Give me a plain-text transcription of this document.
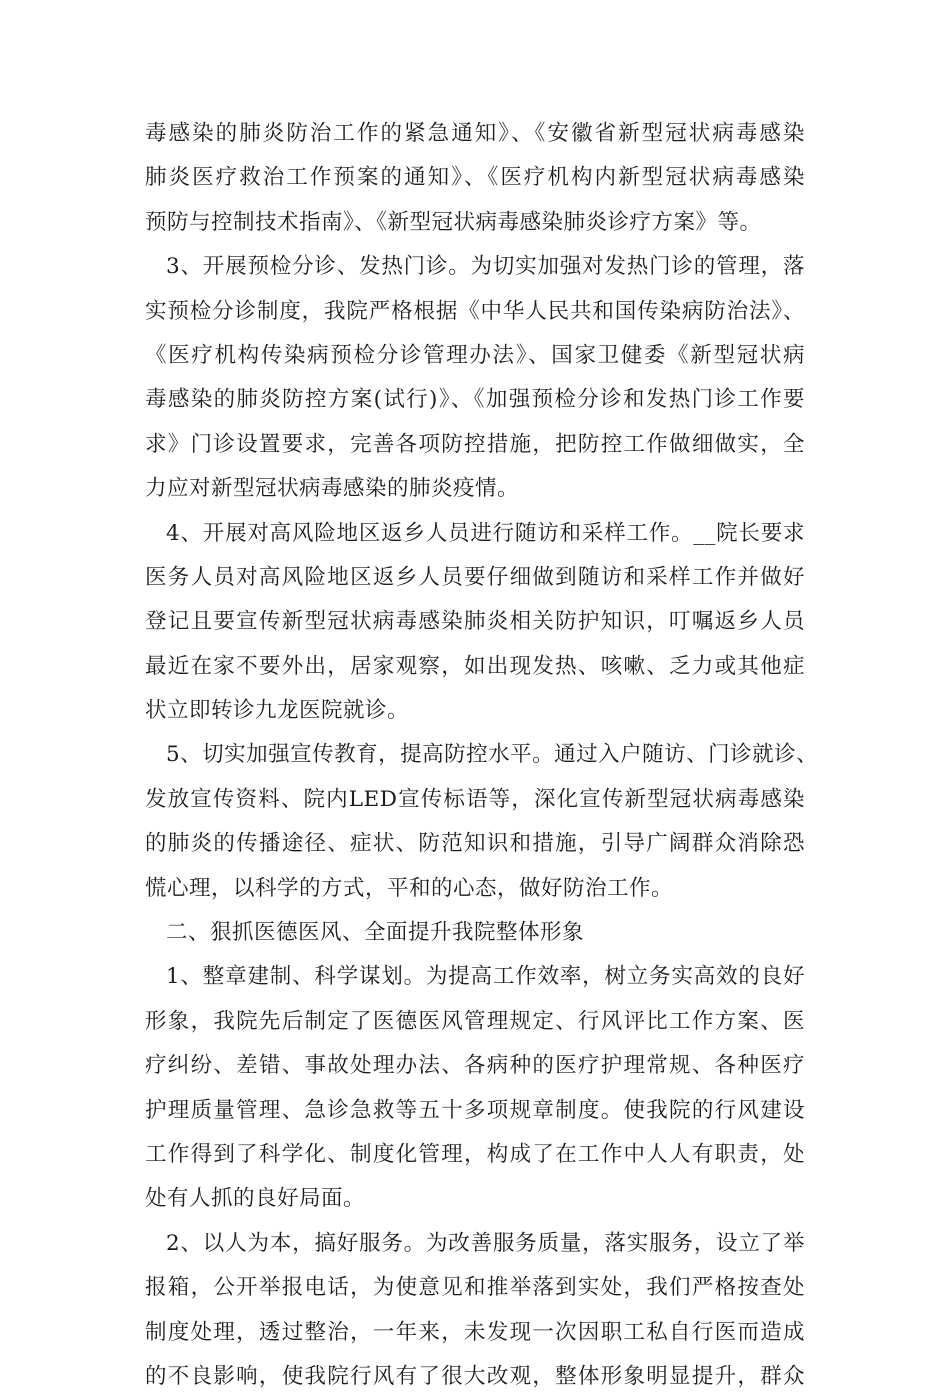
毒感染的肺炎防治工作的紧急通知》、《安徽省新型冠状病毒感染
肺炎医疗救治工作预案的通知》、《医疗机构内新型冠状病毒感染
预防与控制技术指南》、《新型冠状病毒感染肺炎诊疗方案》等。
3、开展预检分诊、发热门诊。为切实加强对发热门诊的管理，落
实预检分诊制度，我院严格根据《中华人民共和国传染病防治法》、
《医疗机构传染病预检分诊管理办法》、国家卫健委《新型冠状病
毒感染的肺炎防控方案(试行)》、《加强预检分诊和发热门诊工作要
求》门诊设置要求，完善各项防控措施，把防控工作做细做实，全
力应对新型冠状病毒感染的肺炎疫情。
4、开展对高风险地区返乡人员进行随访和采样工作。__院长要求
医务人员对高风险地区返乡人员要仔细做到随访和采样工作并做好
登记且要宣传新型冠状病毒感染肺炎相关防护知识，叮嘱返乡人员
最近在家不要外出，居家观察，如出现发热、咳嗽、乏力或其他症
状立即转诊九龙医院就诊。
5、切实加强宣传教育，提高防控水平。通过入户随访、门诊就诊、
发放宣传资料、院内LED宣传标语等，深化宣传新型冠状病毒感染
的肺炎的传播途径、症状、防范知识和措施，引导广阔群众消除恐
慌心理，以科学的方式，平和的心态，做好防治工作。
二、狠抓医德医风、全面提升我院整体形象
1、整章建制、科学谋划。为提高工作效率，树立务实高效的良好
形象，我院先后制定了医德医风管理规定、行风评比工作方案、医
疗纠纷、差错、事故处理办法、各病种的医疗护理常规、各种医疗
护理质量管理、急诊急救等五十多项规章制度。使我院的行风建设
工作得到了科学化、制度化管理，构成了在工作中人人有职责，处
处有人抓的良好局面。
2、以人为本，搞好服务。为改善服务质量，落实服务，设立了举
报箱，公开举报电话，为使意见和推举落到实处，我们严格按查处
制度处理，透过整治，一年来，未发现一次因职工私自行医而造成
的不良影响，使我院行风有了很大改观，整体形象明显提升，群众
